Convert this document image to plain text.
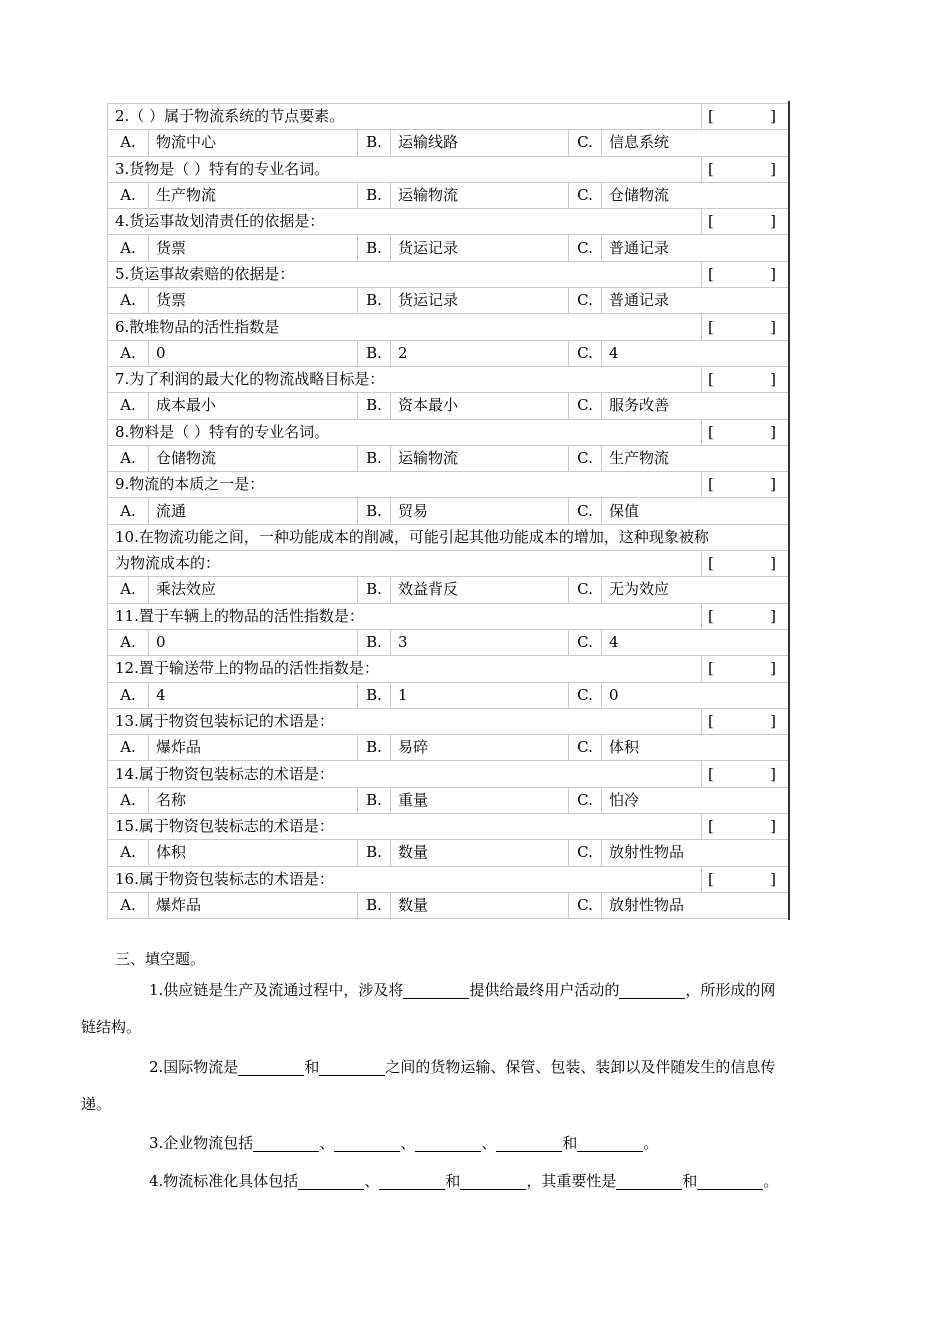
2.（ ）属于物流系统的节点要素。						[ ]

A.	物流中心	B.	运输线路	C.	信息系统	
3.货物是（ ）特有的专业名词。						[ ]

A.	生产物流	B.	运输物流	C.	仓储物流	
4.货运事故划清责任的依据是：						[ ]

A.	货票	B.	货运记录	C.	普通记录	
5.货运事故索赔的依据是：						[ ]

A.	货票	B.	货运记录	C.	普通记录	
6.散堆物品的活性指数是						[ ]

A.	0	B.	2	C.	4	
7.为了利润的最大化的物流战略目标是：						[ ]

A.	成本最小	B.	资本最小	C.	服务改善	
8.物料是（ ）特有的专业名词。						[ ]

A.	仓储物流	B.	运输物流	C.	生产物流	
9.物流的本质之一是：						[ ]

A.	流通	B.	贸易	C.	保值	
10.在物流功能之间，一种功能成本的削减，可能引起其他功能成本的增加，这种现象被称						
为物流成本的：						[ ]

A.	乘法效应	B.	效益背反	C.	无为效应	
11.置于车辆上的物品的活性指数是：						[ ]

A.	0	B.	3	C.	4	
12.置于输送带上的物品的活性指数是：						[ ]

A.	4	B.	1	C.	0	
13.属于物资包装标记的术语是：						[ ]

A.	爆炸品	B.	易碎	C.	体积	
14.属于物资包装标志的术语是：						[ ]

A.	名称	B.	重量	C.	怕冷	
15.属于物资包装标志的术语是：						[ ]

A.	体积	B.	数量	C.	放射性物品	
16.属于物资包装标志的术语是：						[ ]

A.	爆炸品	B.	数量	C.	放射性物品	
三、填空题。
1.供应链是生产及流通过程中，涉及将	提供给最终用户活动的	，所形成的网
链结构。
2.国际物流是	和	之间的货物运输、保管、包装、装卸以及伴随发生的信息传
递。
3.企业物流包括	、	、	、	和	。
4.物流标准化具体包括	、	和	，其重要性是	和	。
